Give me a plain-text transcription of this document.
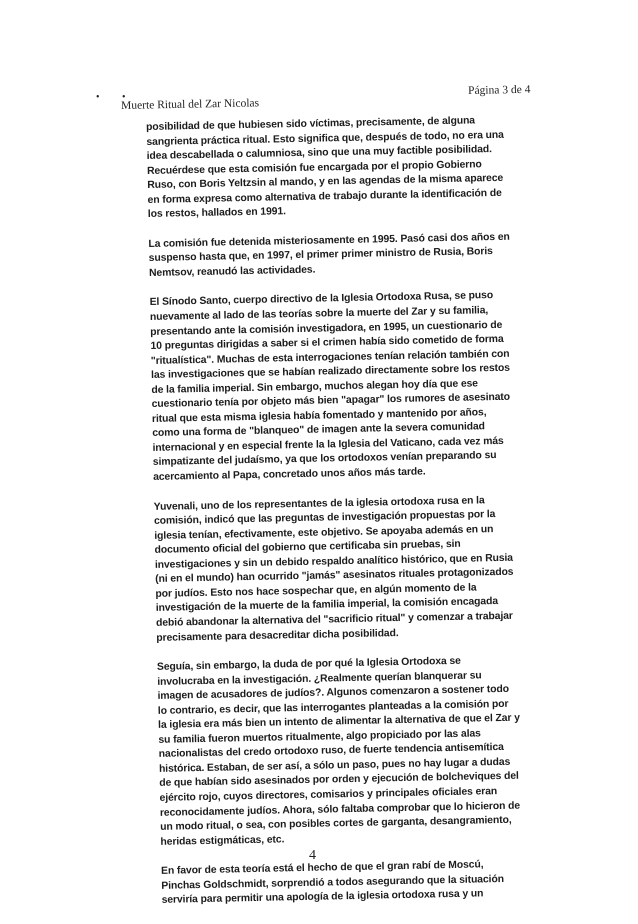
• •
Muerte Ritual del Zar Nicolas
Página 3 de 4

posibilidad de que hubiesen sido víctimas, precisamente, de alguna
sangrienta práctica ritual. Esto significa que, después de todo, no era una
idea descabellada o calumniosa, sino que una muy factible posibilidad.
Recuérdese que esta comisión fue encargada por el propio Gobierno
Ruso, con Boris Yeltzsin al mando, y en las agendas de la misma aparece
en forma expresa como alternativa de trabajo durante la identificación de
los restos, hallados en 1991.

La comisión fue detenida misteriosamente en 1995. Pasó casi dos años en
suspenso hasta que, en 1997, el primer primer ministro de Rusia, Boris
Nemtsov, reanudó las actividades.

El Sínodo Santo, cuerpo directivo de la Iglesia Ortodoxa Rusa, se puso
nuevamente al lado de las teorías sobre la muerte del Zar y su familia,
presentando ante la comisión investigadora, en 1995, un cuestionario de
10 preguntas dirigidas a saber si el crimen había sido cometido de forma
"ritualística". Muchas de esta interrogaciones tenían relación también con
las investigaciones que se habían realizado directamente sobre los restos
de la familia imperial. Sin embargo, muchos alegan hoy día que ese
cuestionario tenía por objeto más bien "apagar" los rumores de asesinato
ritual que esta misma iglesia había fomentado y mantenido por años,
como una forma de "blanqueo" de imagen ante la severa comunidad
internacional y en especial frente la la Iglesia del Vaticano, cada vez más
simpatizante del judaísmo, ya que los ortodoxos venían preparando su
acercamiento al Papa, concretado unos años más tarde.

Yuvenali, uno de los representantes de la iglesia ortodoxa rusa en la
comisión, indicó que las preguntas de investigación propuestas por la
iglesia tenían, efectivamente, este objetivo. Se apoyaba además en un
documento oficial del gobierno que certificaba sin pruebas, sin
investigaciones y sin un debido respaldo analítico histórico, que en Rusia
(ni en el mundo) han ocurrido "jamás" asesinatos rituales protagonizados
por judíos. Esto nos hace sospechar que, en algún momento de la
investigación de la muerte de la familia imperial, la comisión encagada
debió abandonar la alternativa del "sacrificio ritual" y comenzar a trabajar
precisamente para desacreditar dicha posibilidad.

Seguía, sin embargo, la duda de por qué la Iglesia Ortodoxa se
involucraba en la investigación. ¿Realmente querían blanquerar su
imagen de acusadores de judíos?. Algunos comenzaron a sostener todo
lo contrario, es decir, que las interrogantes planteadas a la comisión por
la iglesia era más bien un intento de alimentar la alternativa de que el Zar y
su familia fueron muertos ritualmente, algo propiciado por las alas
nacionalistas del credo ortodoxo ruso, de fuerte tendencia antisemítica
histórica. Estaban, de ser así, a sólo un paso, pues no hay lugar a dudas
de que habían sido asesinados por orden y ejecución de bolcheviques del
ejército rojo, cuyos directores, comisarios y principales oficiales eran
reconocidamente judíos. Ahora, sólo faltaba comprobar que lo hicieron de
un modo ritual, o sea, con posibles cortes de garganta, desangramiento,
heridas estigmáticas, etc.

En favor de esta teoría está el hecho de que el gran rabí de Moscú,
Pinchas Goldschmidt, sorprendió a todos asegurando que la situación
serviría para permitir una apología de la iglesia ortodoxa rusa y un

4
